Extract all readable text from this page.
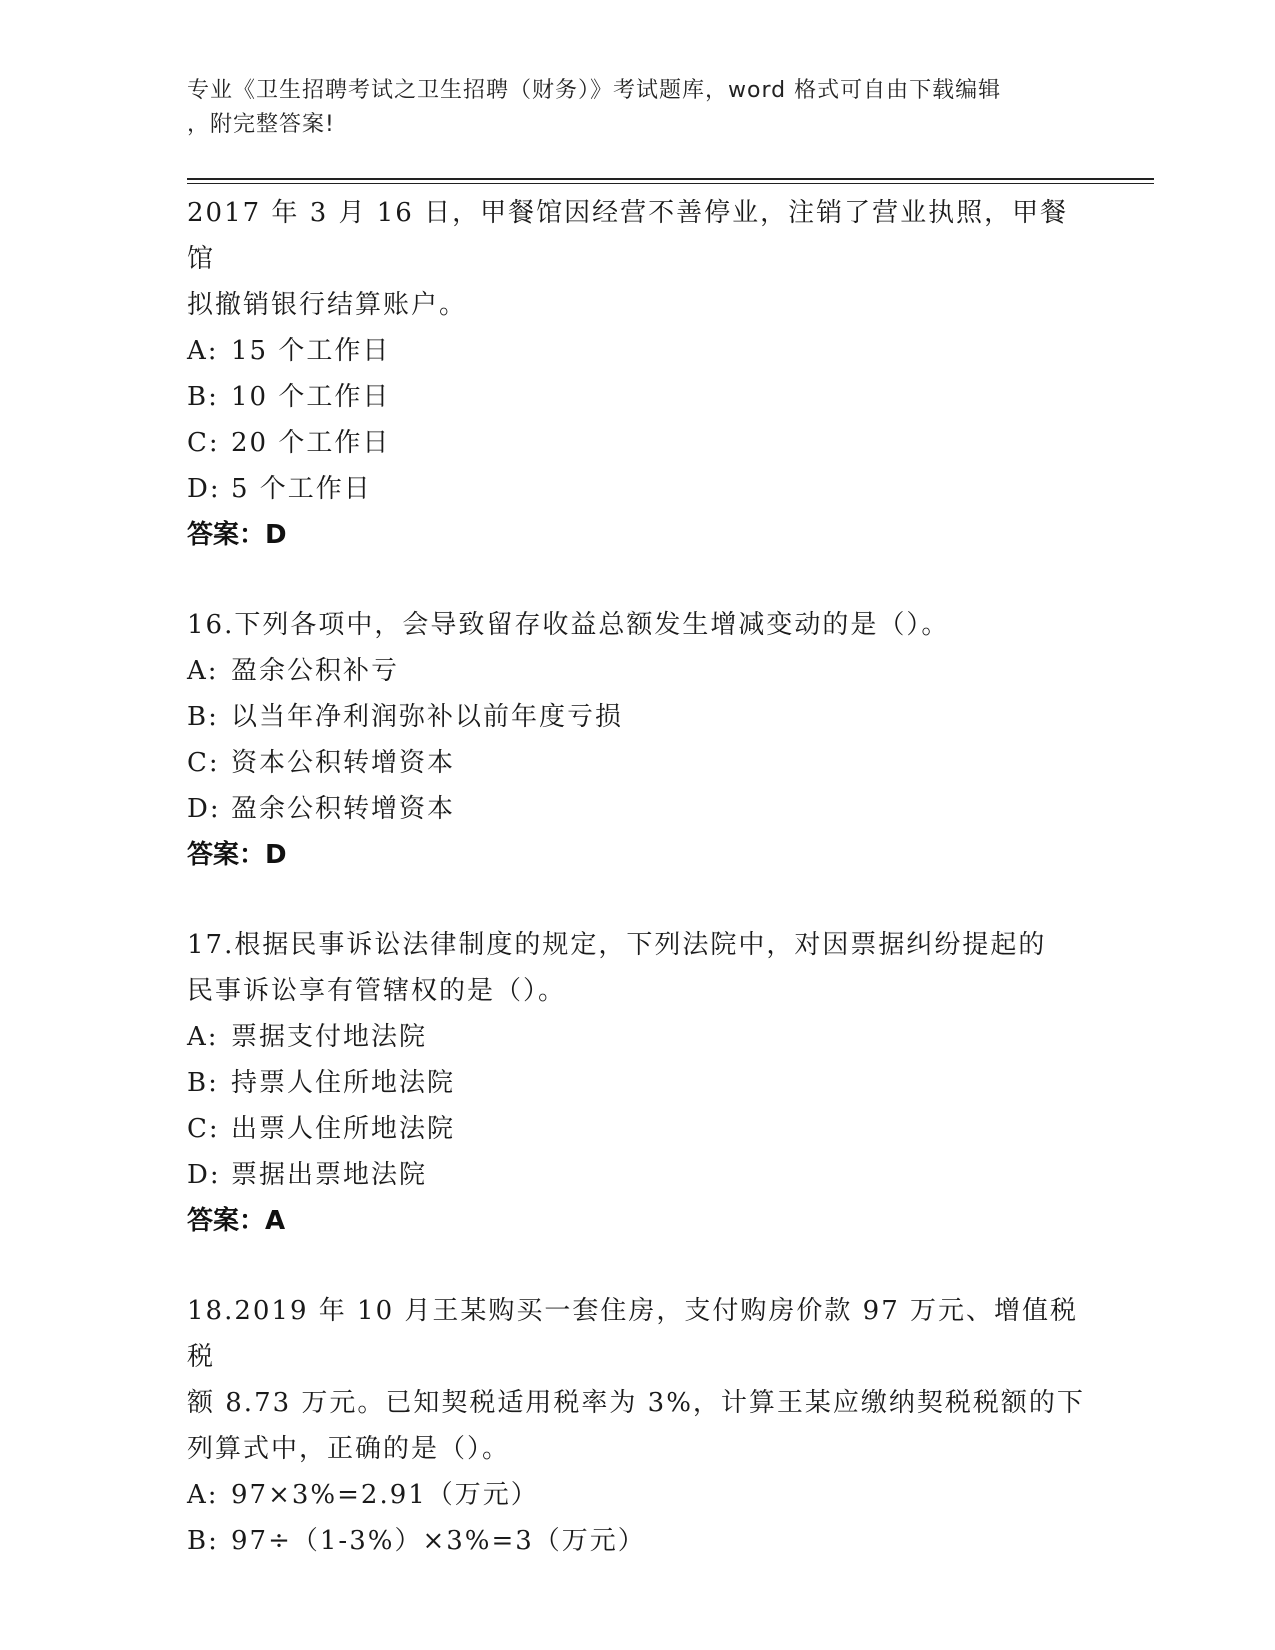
专业《卫生招聘考试之卫生招聘（财务）》考试题库，word 格式可自由下载编辑
，附完整答案!

2017 年 3 月 16 日，甲餐馆因经营不善停业，注销了营业执照，甲餐馆

拟撤销银行结算账户。

A: 15 个工作日

B: 10 个工作日

C: 20 个工作日

D: 5 个工作日

答案：D

16.下列各项中，会导致留存收益总额发生增减变动的是（）。

A: 盈余公积补亏

B: 以当年净利润弥补以前年度亏损

C: 资本公积转增资本

D: 盈余公积转增资本

答案：D

17.根据民事诉讼法律制度的规定，下列法院中，对因票据纠纷提起的

民事诉讼享有管辖权的是（）。

A: 票据支付地法院

B: 持票人住所地法院

C: 出票人住所地法院

D: 票据出票地法院

答案：A

18.2019 年 10 月王某购买一套住房，支付购房价款 97 万元、增值税税

额 8.73 万元。已知契税适用税率为 3%，计算王某应缴纳契税税额的下

列算式中，正确的是（）。

A: 97×3%=2.91（万元）

B: 97÷（1-3%）×3%=3（万元）
